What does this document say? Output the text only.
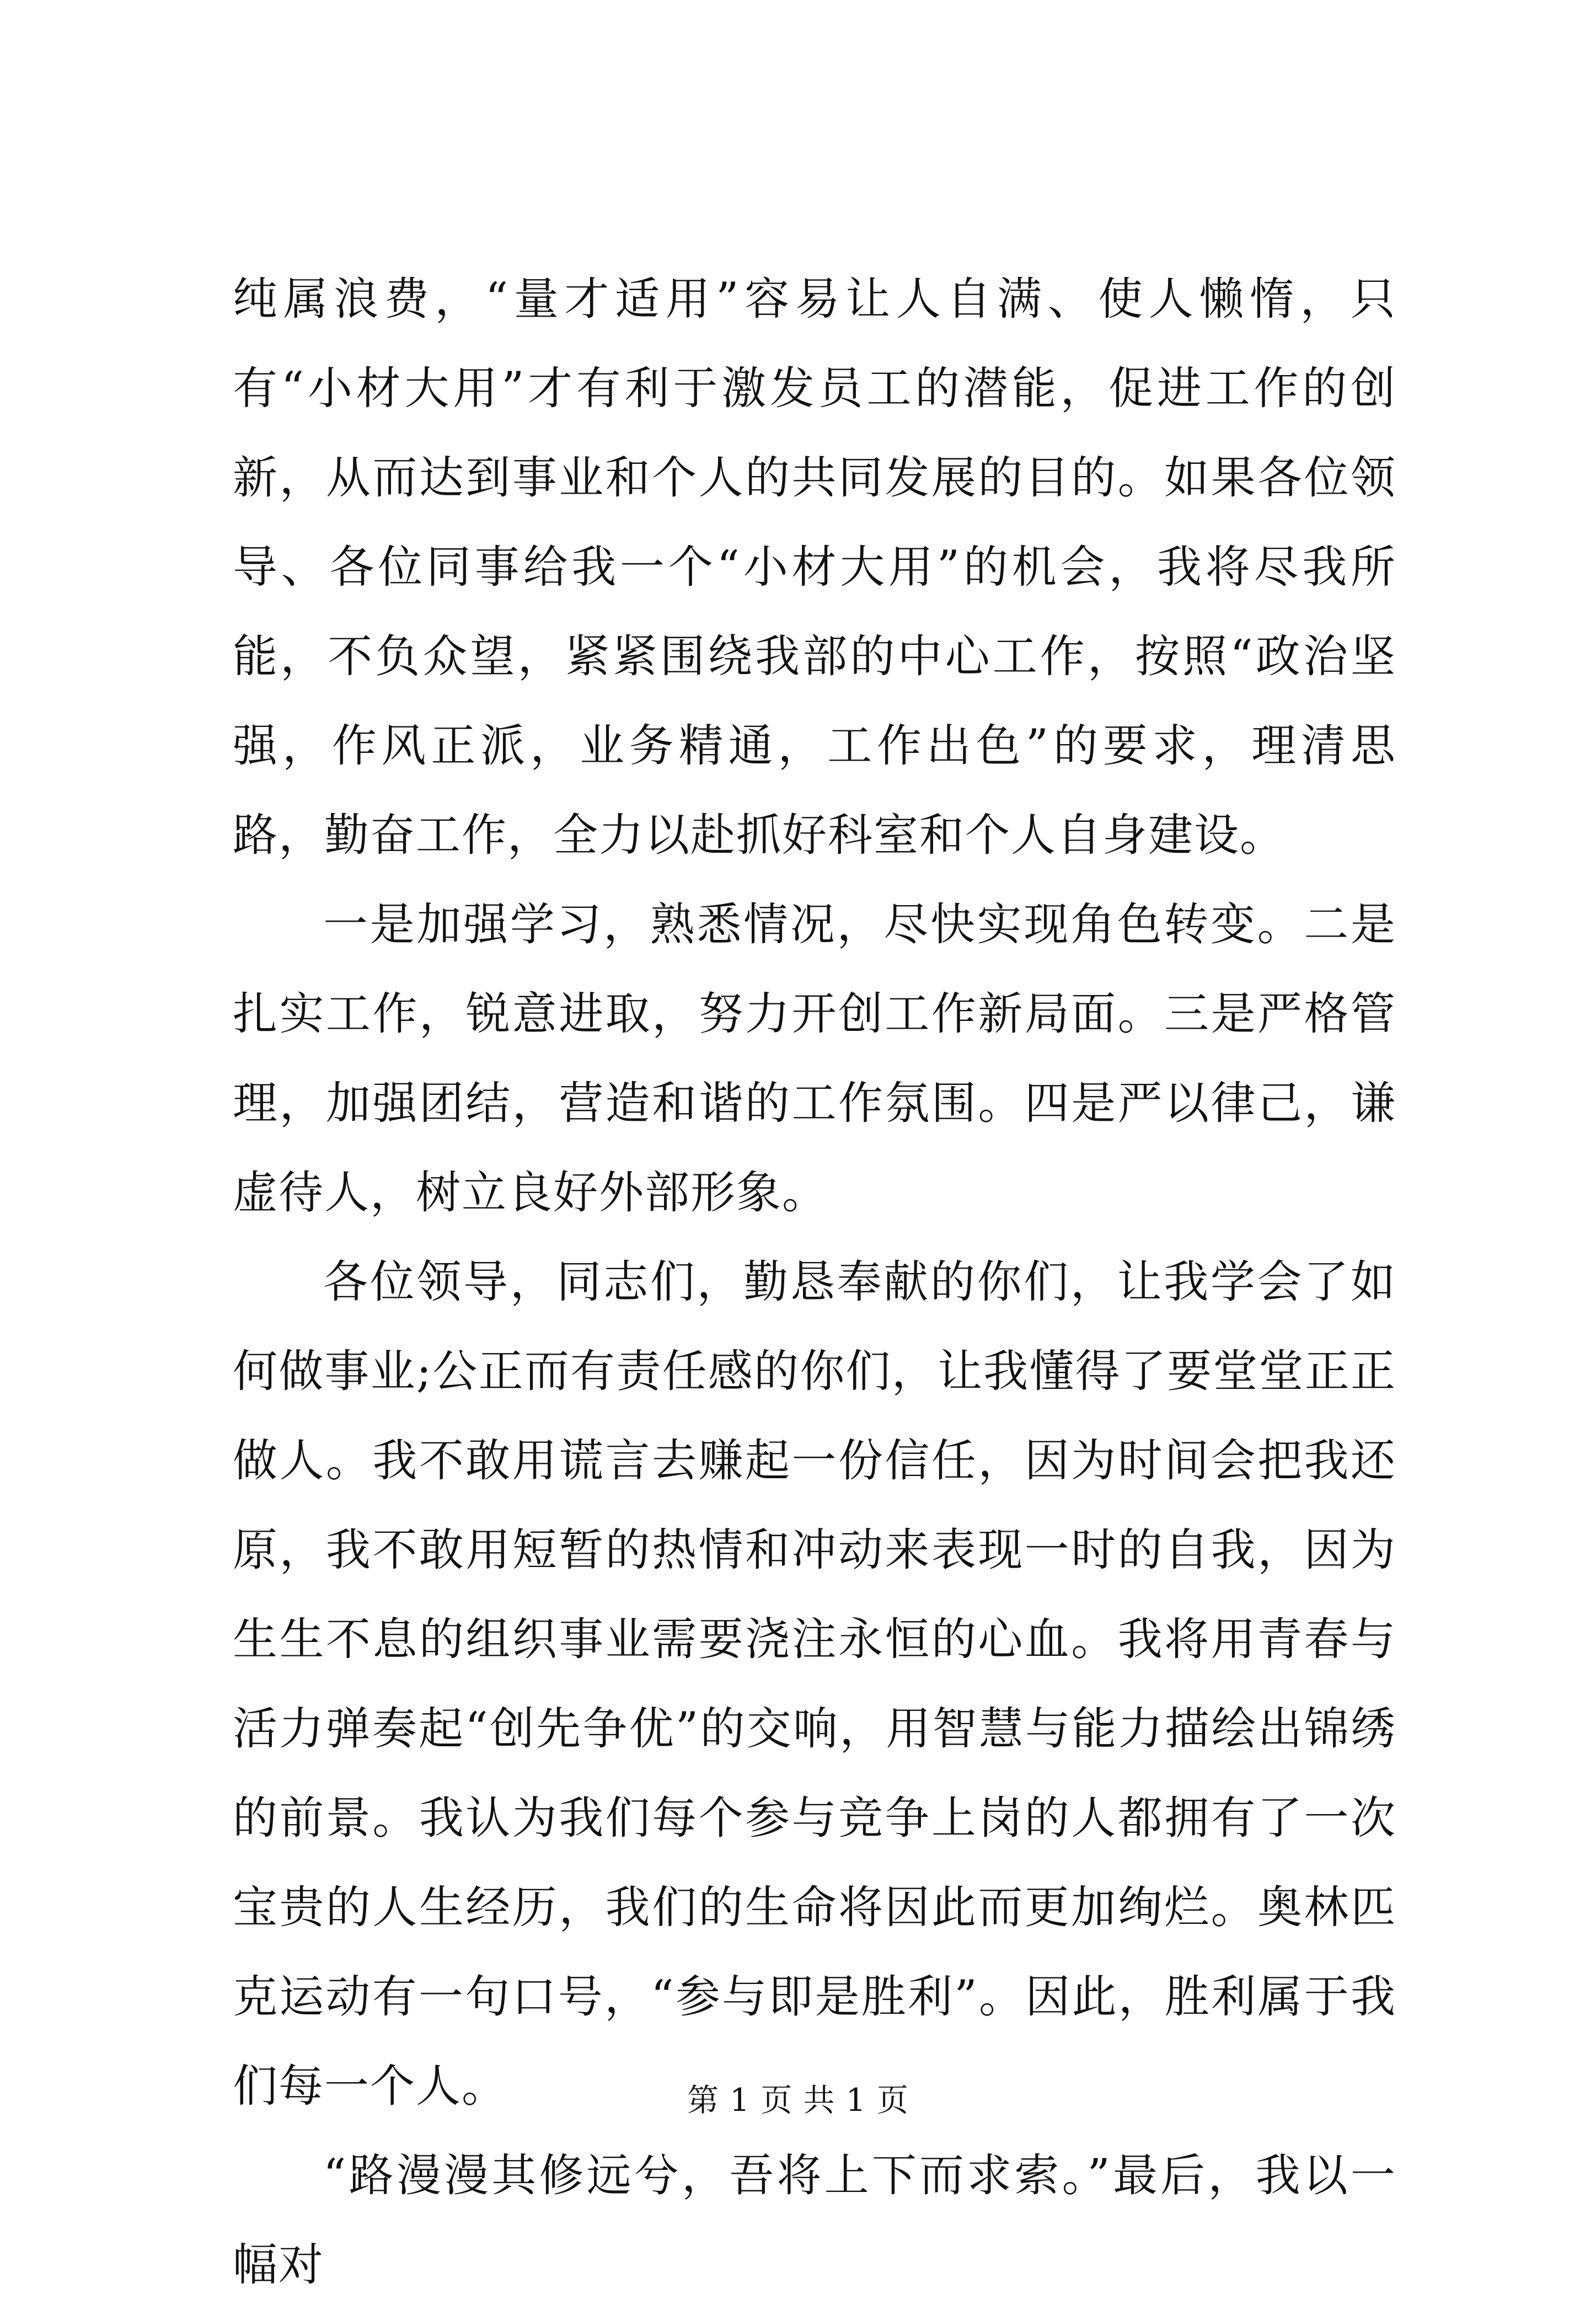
纯属浪费，“量才适用”容易让人自满、使人懒惰，只有“小材大用”才有利于激发员工的潜能，促进工作的创新，从而达到事业和个人的共同发展的目的。如果各位领导、各位同事给我一个“小材大用”的机会，我将尽我所能，不负众望，紧紧围绕我部的中心工作，按照“政治坚强，作风正派，业务精通，工作出色”的要求，理清思路，勤奋工作，全力以赴抓好科室和个人自身建设。

一是加强学习，熟悉情况，尽快实现角色转变。二是扎实工作，锐意进取，努力开创工作新局面。三是严格管理，加强团结，营造和谐的工作氛围。四是严以律己，谦虚待人，树立良好外部形象。

各位领导，同志们，勤恳奉献的你们，让我学会了如何做事业;公正而有责任感的你们，让我懂得了要堂堂正正做人。我不敢用谎言去赚起一份信任，因为时间会把我还原，我不敢用短暂的热情和冲动来表现一时的自我，因为生生不息的组织事业需要浇注永恒的心血。我将用青春与活力弹奏起“创先争优”的交响，用智慧与能力描绘出锦绣的前景。我认为我们每个参与竞争上岗的人都拥有了一次宝贵的人生经历，我们的生命将因此而更加绚烂。奥林匹克运动有一句口号，“参与即是胜利”。因此，胜利属于我们每一个人。

“路漫漫其修远兮，吾将上下而求索。”最后，我以一幅对

第 1 页 共 1 页
